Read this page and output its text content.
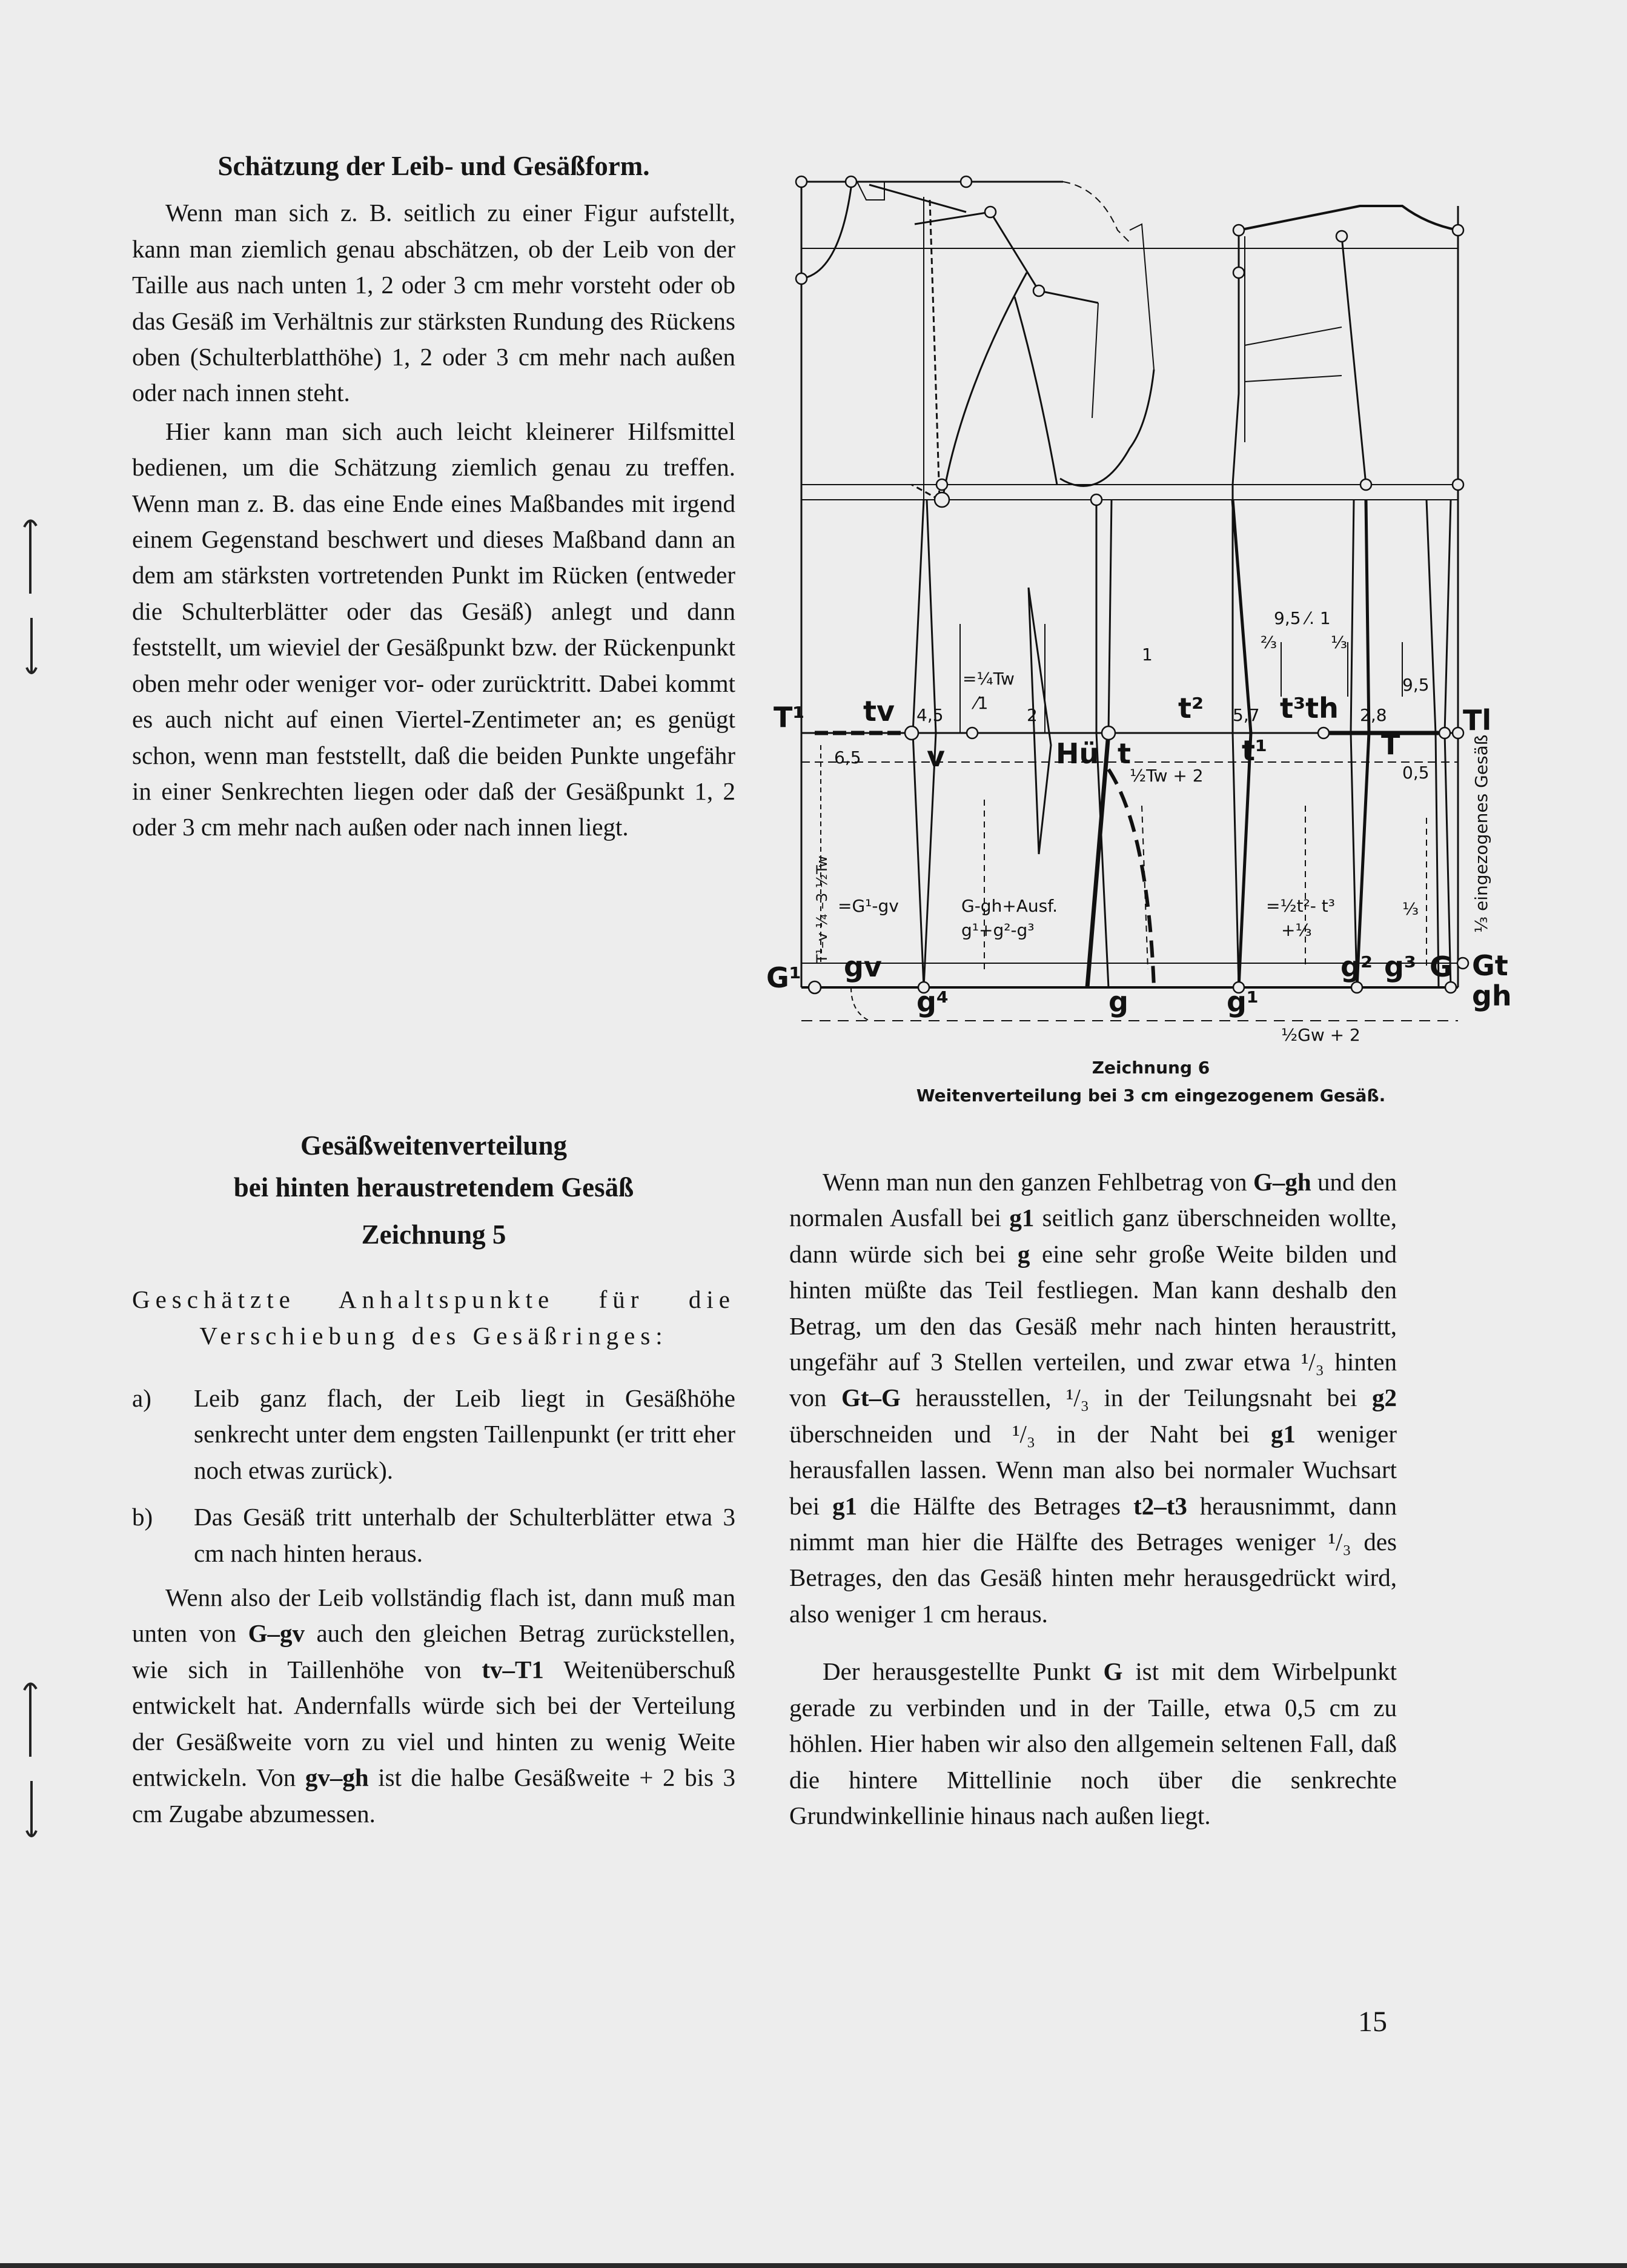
Schätzung der Leib- und Gesäßform.

Wenn man sich z. B. seitlich zu einer Figur aufstellt, kann man ziemlich genau abschätzen, ob der Leib von der Taille aus nach unten 1, 2 oder 3 cm mehr vorsteht oder ob das Gesäß im Verhältnis zur stärksten Rundung des Rückens oben (Schulterblatthöhe) 1, 2 oder 3 cm mehr nach außen oder nach innen steht.

Hier kann man sich auch leicht kleinerer Hilfsmittel bedienen, um die Schätzung ziemlich genau zu treffen. Wenn man z. B. das eine Ende eines Maßbandes mit irgend einem Gegenstand beschwert und dieses Maßband dann an dem am stärksten vortretenden Punkt im Rücken (entweder die Schulterblätter oder das Gesäß) anlegt und dann feststellt, um wieviel der Gesäßpunkt bzw. der Rückenpunkt oben mehr oder weniger vor- oder zurücktritt. Dabei kommt es auch nicht auf einen Viertel-Zentimeter an; es genügt schon, wenn man feststellt, daß die beiden Punkte ungefähr in einer Senkrechten liegen oder daß der Gesäßpunkt 1, 2 oder 3 cm mehr nach außen oder nach innen liegt.

Gesäßweitenverteilung
bei hinten heraustretendem Gesäß
Zeichnung 5

Geschätzte Anhaltspunkte für die Verschiebung des Gesäßringes:

a) Leib ganz flach, der Leib liegt in Gesäßhöhe senkrecht unter dem engsten Taillenpunkt (er tritt eher noch etwas zurück).
b) Das Gesäß tritt unterhalb der Schulterblätter etwa 3 cm nach hinten heraus.

Wenn also der Leib vollständig flach ist, dann muß man unten von G–gv auch den gleichen Betrag zurückstellen, wie sich in Taillenhöhe von tv–T1 Weitenüberschuß entwickelt hat. Andernfalls würde sich bei der Verteilung der Gesäßweite vorn zu viel und hinten zu wenig Weite entwickeln. Von gv–gh ist die halbe Gesäßweite + 2 bis 3 cm Zugabe abzumessen.

T¹ tv
v	Hü t
t²
t¹
t³th
T
Tl
G¹ gv
g⁴	g	g¹
g² g³ G Gt
gh
4,5
6,5
2
1
5,7	2,8
9,5
9,5 ⁄. 1
²⁄₃	¹⁄₃
0,5
=¹⁄₄Tw
⁄1
¹⁄₂Tw + 2
=G¹-gv	G-gh+Ausf.
g¹+g²-g³
=¹⁄₂t²- t³
+¹⁄₃
¹⁄₃
¹⁄₂Gw + 2
¹⁄₃ eingezogenes Gesäß
T¹–v ¹⁄₄ –3 ¹⁄₂Tw
Zeichnung 6
Weitenverteilung bei 3 cm eingezogenem Gesäß.

Wenn man nun den ganzen Fehlbetrag von G–gh und den normalen Ausfall bei g1 seitlich ganz überschneiden wollte, dann würde sich bei g eine sehr große Weite bilden und hinten müßte das Teil festliegen. Man kann deshalb den Betrag, um den das Gesäß mehr nach hinten heraustritt, ungefähr auf 3 Stellen verteilen, und zwar etwa ¹/₃ hinten von Gt–G herausstellen, ¹/₃ in der Teilungsnaht bei g2 überschneiden und ¹/₃ in der Naht bei g1 weniger herausfallen lassen. Wenn man also bei normaler Wuchsart bei g1 die Hälfte des Betrages t2–t3 herausnimmt, dann nimmt man hier die Hälfte des Betrages weniger ¹/₃ des Betrages, den das Gesäß hinten mehr herausgedrückt wird, also weniger 1 cm heraus.

Der herausgestellte Punkt G ist mit dem Wirbelpunkt gerade zu verbinden und in der Taille, etwa 0,5 cm zu höhlen. Hier haben wir also den allgemein seltenen Fall, daß die hintere Mittellinie noch über die senkrechte Grundwinkellinie hinaus nach außen liegt.

15
